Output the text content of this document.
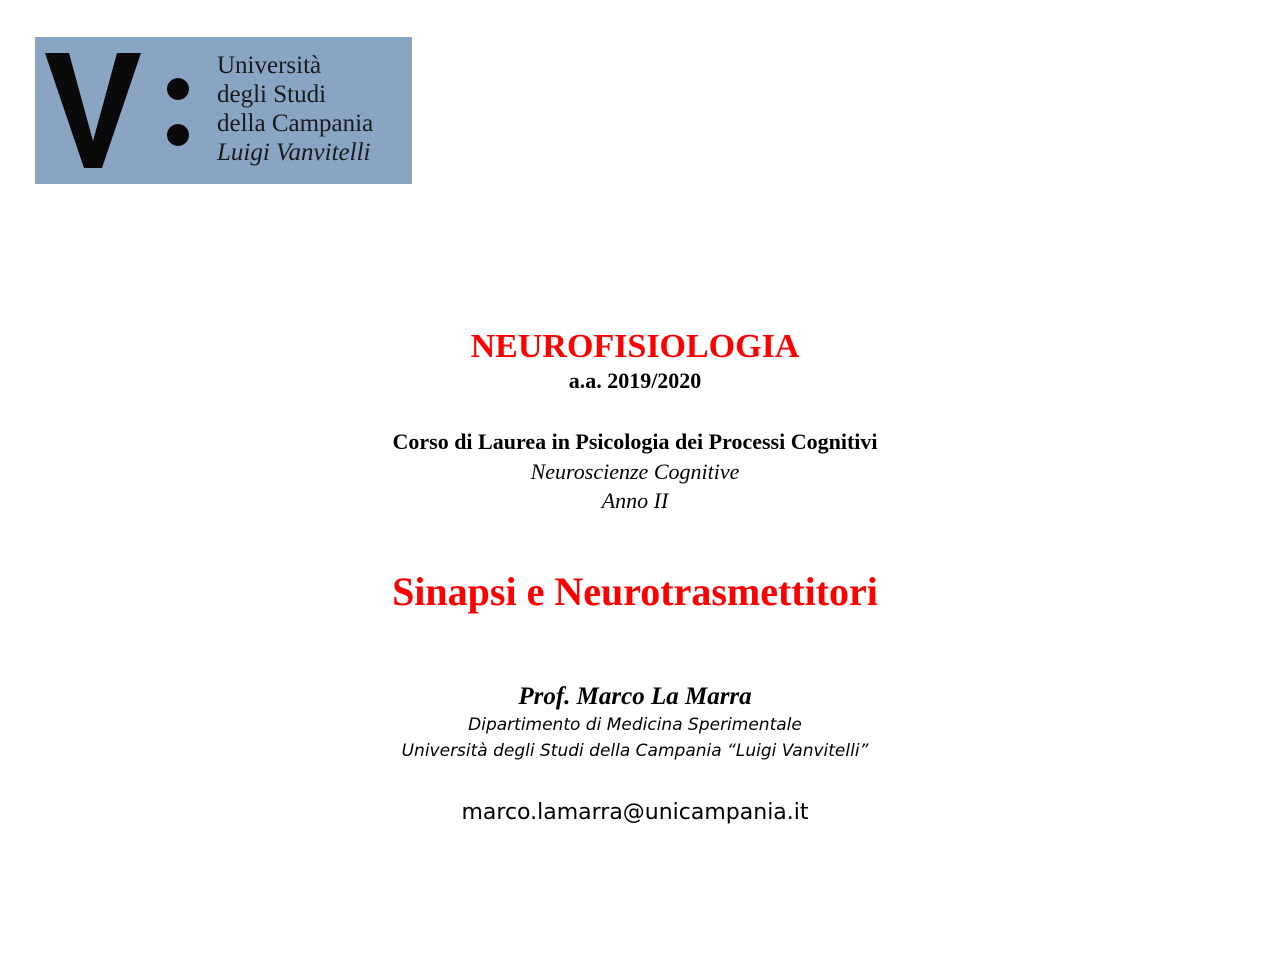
Università
degli Studi
della Campania
Luigi Vanvitelli
NEUROFISIOLOGIA
a.a. 2019/2020
Corso di Laurea in Psicologia dei Processi Cognitivi
Neuroscienze Cognitive
Anno II
Sinapsi e Neurotrasmettitori
Prof. Marco La Marra
Dipartimento di Medicina Sperimentale
Università degli Studi della Campania “Luigi Vanvitelli”
marco.lamarra@unicampania.it
